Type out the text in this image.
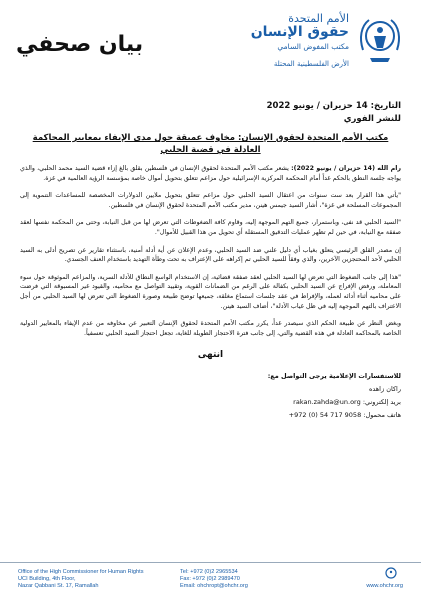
بيان صحفي
الأمم المتحدة
حقوق الإنسان
مكتب المفوض السامي
الأرض الفلسطينية المحتلة
التاريخ: 14 حزيران / يونيو 2022
للنشر الفوري
مكتب الأمم المتحدة لحقوق الإنسان: مخاوف عميقة حول مدى الإيفاء بمعايير المحاكمة العادلة في قضية الحلبي
رام الله (14 حزيران / يونيو 2022): يشعر مكتب الأمم المتحدة لحقوق الإنسان في فلسطين بقلق بالغ إزاء قضية السيد محمد الحلبي، والذي يواجه جلسة النطق بالحكم غداً أمام المحكمة المركزية الإسرائيلية حول مزاعم تتعلق بتحويل أموال خاصة بمؤسسة الرؤية العالمية في غزة.
"يأتي هذا القرار بعد ست سنوات من اعتقال السيد الحلبي حول مزاعم تتعلق بتحويل ملايين الدولارات المخصصة للمساعدات التنموية إلى المجموعات المسلحة في غزة"، أشار السيد جيمس هينن، مدير مكتب الأمم المتحدة لحقوق الإنسان في فلسطين.
"السيد الحلبي قد نفى، وباستمرار، جميع التهم الموجهة إليه، وقاوم كافة الضغوطات التي تعرض لها من قبل النيابة، وحتى من المحكمة نفسها لعقد صفقة مع النيابة، في حين لم تظهر عمليات التدقيق المستقلة أي تحويل من هذا القبيل للأموال".
إن مصدر القلق الرئيسي يتعلق بغياب أي دليل علني ضد السيد الحلبي، وعدم الإعلان عن أية أدلة أمنية، باستثناء تقارير عن تصريح أدلى به السيد الحلبي لأحد المحتجزين الآخرين، والذي وفقاً للسيد الحلبي تم إكراهه على الإعتراف به تحت وطأة التهديد باستخدام العنف الجسدي.
"هذا إلى جانب الضغوط التي تعرض لها السيد الحلبي لعقد صفقة قضائية، إن الاستخدام الواسع النطاق للأدلة السرية، والمزاعم الموثوقة حول سوء المعاملة، ورفض الإفراج عن السيد الحلبي بكفالة على الرغم من الضمانات القوية، وتقييد التواصل مع محاميه، والقيود غير المسبوقة التي فرضت على محاميه أثناء أدائه لعمله، والإفراط في عقد جلسات استماع مغلقة، جميعها توضح طبيعة وصورة الضغوط التي تعرض لها السيد الحلبي من أجل الاعتراف بالتهم الموجهة إليه في ظل غياب الأدلة"، أضاف السيد هينن.
وبغض النظر عن طبيعة الحكم الذي سيصدر غداً، يكرر مكتب الأمم المتحدة لحقوق الإنسان التعبير عن مخاوفه من عدم الإيفاء بالمعايير الدولية الخاصة بالمحاكمة العادلة في هذه القضية والتي، إلى جانب فترة الاحتجاز الطويلة للغاية، تجعل احتجاز السيد الحلبي تعسفياً.
انتهى
للاستفسارات الإعلامية يرجى التواصل مع:
راكان زاهده
بريد إلكتروني: rakan.zahda@un.org
هاتف محمول: +972 (0) 54 717 9058
Office of the High Commissioner for Human Rights
UCI Building, 4th Floor,
Nazar Qabbani St. 17, Ramallah
Tel: +972 (0)2 2965534
Fax: +972 (0)2 2989470
Email: ohchropt@ohchr.org	www.ohchr.org
